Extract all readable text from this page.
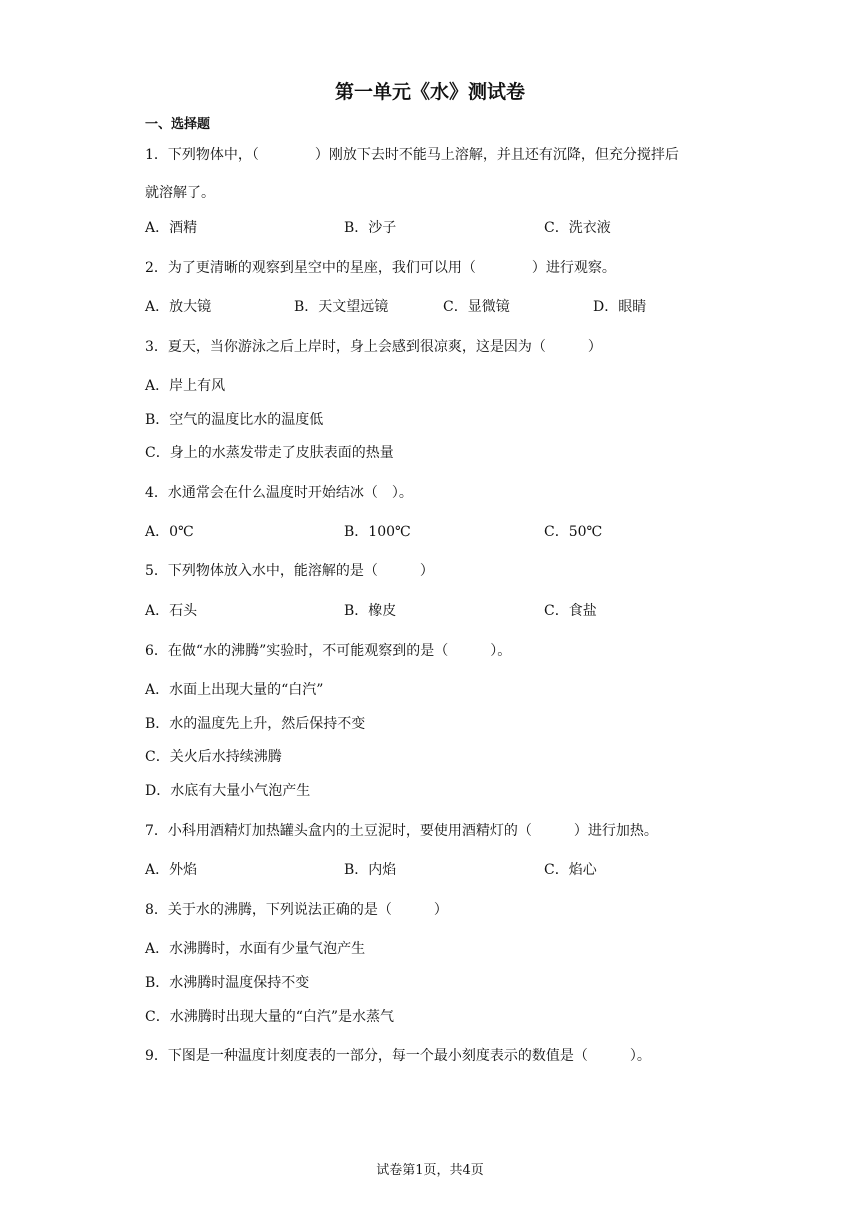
第一单元《水》测试卷
一、选择题
1．下列物体中，（　　　　）刚放下去时不能马上溶解，并且还有沉降，但充分搅拌后
就溶解了。
A．酒精	B．沙子	C．洗衣液
2．为了更清晰的观察到星空中的星座，我们可以用（　　　　）进行观察。
A．放大镜	B．天文望远镜	C．显微镜	D．眼睛
3．夏天，当你游泳之后上岸时，身上会感到很凉爽，这是因为（　　　）
A．岸上有风
B．空气的温度比水的温度低
C．身上的水蒸发带走了皮肤表面的热量
4．水通常会在什么温度时开始结冰（　）。
A．0℃	B．100℃	C．50℃
5．下列物体放入水中，能溶解的是（　　　）
A．石头	B．橡皮	C．食盐
6．在做“水的沸腾”实验时，不可能观察到的是（　　　）。
A．水面上出现大量的“白汽”
B．水的温度先上升，然后保持不变
C．关火后水持续沸腾
D．水底有大量小气泡产生
7．小科用酒精灯加热罐头盒内的土豆泥时，要使用酒精灯的（　　　）进行加热。
A．外焰	B．内焰	C．焰心
8．关于水的沸腾，下列说法正确的是（　　　）
A．水沸腾时，水面有少量气泡产生
B．水沸腾时温度保持不变
C．水沸腾时出现大量的“白汽”是水蒸气
9．下图是一种温度计刻度表的一部分，每一个最小刻度表示的数值是（　　　）。
试卷第1页，共4页
